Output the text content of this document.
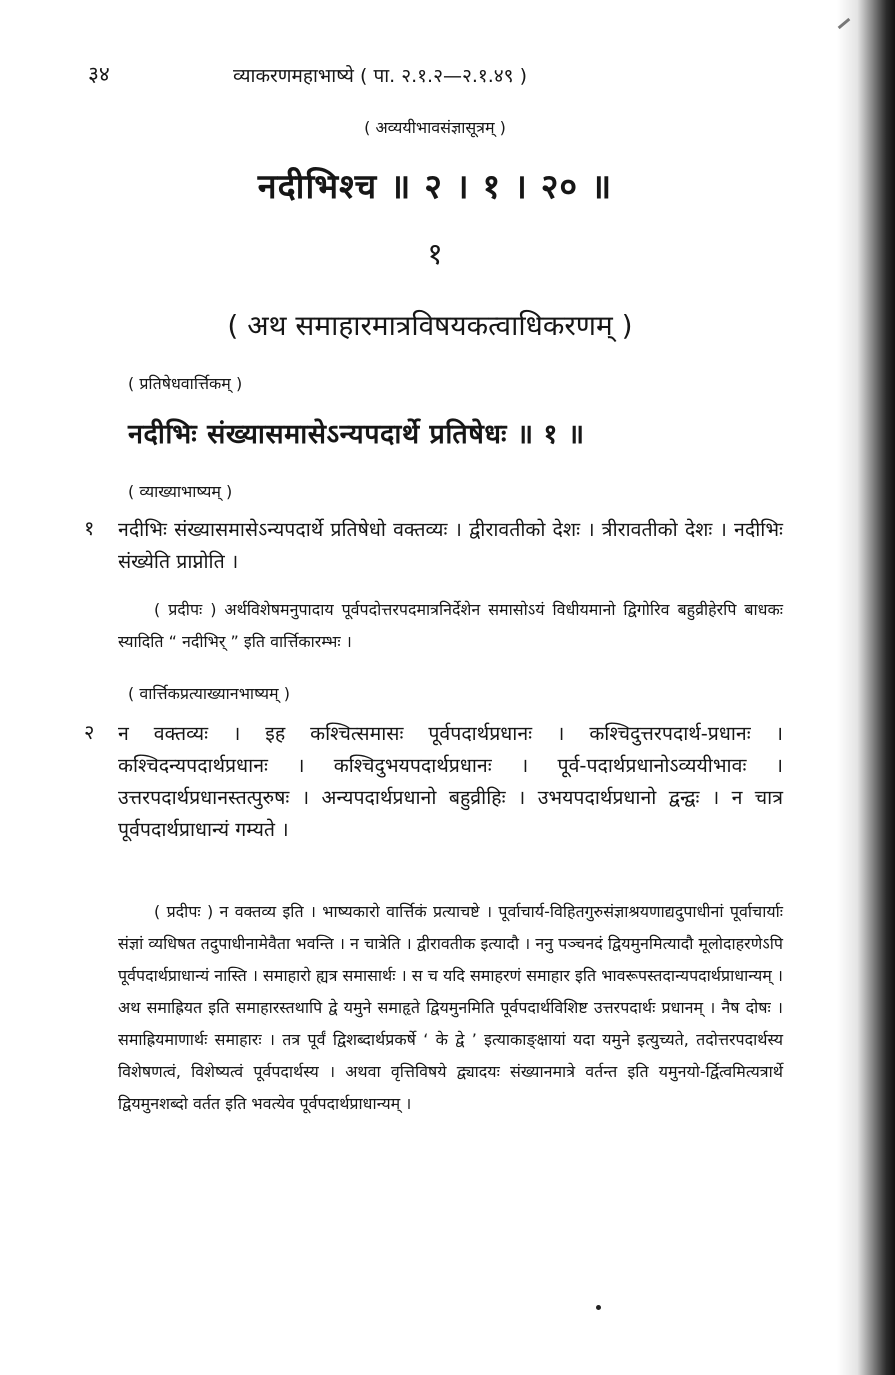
३४	व्याकरणमहाभाष्ये ( पा. २.१.२—२.१.४९ )
( अव्ययीभावसंज्ञासूत्रम् )
नदीभिश्च ॥ २ । १ । २० ॥
१
( अथ समाहारमात्रविषयकत्वाधिकरणम् )
( प्रतिषेधवार्त्तिकम् )
नदीभिः संख्यासमासेऽन्यपदार्थे प्रतिषेधः ॥ १ ॥
( व्याख्याभाष्यम् )
१ नदीभिः संख्यासमासेऽन्यपदार्थे प्रतिषेधो वक्तव्यः । द्वीरावतीको देशः । त्रीरावतीको देशः । नदीभिः संख्येति प्राप्नोति ।
( प्रदीपः ) अर्थविशेषमनुपादाय पूर्वपदोत्तरपदमात्रनिर्देशेन समासोऽयं विधीयमानो द्विगोरिव बहुव्रीहेरपि बाधकः स्यादिति “ नदीभिर् ” इति वार्त्तिकारम्भः ।
( वार्त्तिकप्रत्याख्यानभाष्यम् )
२ न वक्तव्यः । इह कश्चित्समासः पूर्वपदार्थप्रधानः । कश्चिदुत्तरपदार्थ-प्रधानः । कश्चिदन्यपदार्थप्रधानः । कश्चिदुभयपदार्थप्रधानः । पूर्व-पदार्थप्रधानोऽव्ययीभावः । उत्तरपदार्थप्रधानस्तत्पुरुषः । अन्यपदार्थप्रधानो बहुव्रीहिः । उभयपदार्थप्रधानो द्वन्द्वः । न चात्र पूर्वपदार्थप्राधान्यं गम्यते ।
( प्रदीपः ) न वक्तव्य इति । भाष्यकारो वार्त्तिकं प्रत्याचष्टे । पूर्वाचार्य-विहितगुरुसंज्ञाश्रयणाद्यदुपाधीनां पूर्वाचार्याः संज्ञां व्यधिषत तदुपाधीनामेवैता भवन्ति । न चात्रेति । द्वीरावतीक इत्यादौ । ननु पञ्चनदं द्वियमुनमित्यादौ मूलोदाहरणेऽपि पूर्वपदार्थप्राधान्यं नास्ति । समाहारो ह्यत्र समासार्थः । स च यदि समाहरणं समाहार इति भावरूपस्तदान्यपदार्थप्राधान्यम् । अथ समाह्रियत इति समाहारस्तथापि द्वे यमुने समाहृते द्वियमुनमिति पूर्वपदार्थविशिष्ट उत्तरपदार्थः प्रधानम् । नैष दोषः । समाह्रियमाणार्थः समाहारः । तत्र पूर्वं द्विशब्दार्थप्रकर्षे ‘ के द्वे ’ इत्याकाङ्क्षायां यदा यमुने इत्युच्यते, तदोत्तरपदार्थस्य विशेषणत्वं, विशेष्यत्वं पूर्वपदार्थस्य । अथवा वृत्तिविषये द्व्यादयः संख्यानमात्रे वर्तन्त इति यमुनयो-र्द्वित्वमित्यत्रार्थे द्वियमुनशब्दो वर्तत इति भवत्येव पूर्वपदार्थप्राधान्यम् ।
